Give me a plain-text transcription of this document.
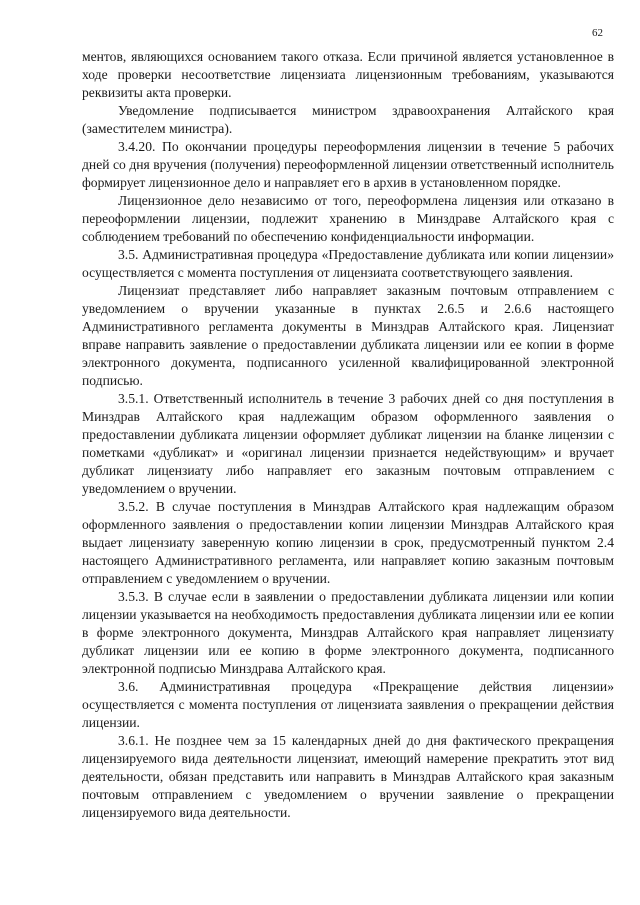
62

ментов, являющихся основанием такого отказа. Если причиной является установленное в ходе проверки несоответствие лицензиата лицензионным требованиям, указываются реквизиты акта проверки.

Уведомление подписывается министром здравоохранения Алтайского края (заместителем министра).

3.4.20. По окончании процедуры переоформления лицензии в течение 5 рабочих дней со дня вручения (получения) переоформленной лицензии ответственный исполнитель формирует лицензионное дело и направляет его в архив в установленном порядке.

Лицензионное дело независимо от того, переоформлена лицензия или отказано в переоформлении лицензии, подлежит хранению в Минздраве Алтайского края с соблюдением требований по обеспечению конфиденциальности информации.

3.5. Административная процедура «Предоставление дубликата или копии лицензии» осуществляется с момента поступления от лицензиата соответствующего заявления.

Лицензиат представляет либо направляет заказным почтовым отправлением с уведомлением о вручении указанные в пунктах 2.6.5 и 2.6.6 настоящего Административного регламента документы в Минздрав Алтайского края. Лицензиат вправе направить заявление о предоставлении дубликата лицензии или ее копии в форме электронного документа, подписанного усиленной квалифицированной электронной подписью.

3.5.1. Ответственный исполнитель в течение 3 рабочих дней со дня поступления в Минздрав Алтайского края надлежащим образом оформленного заявления о предоставлении дубликата лицензии оформляет дубликат лицензии на бланке лицензии с пометками «дубликат» и «оригинал лицензии признается недействующим» и вручает дубликат лицензиату либо направляет его заказным почтовым отправлением с уведомлением о вручении.

3.5.2. В случае поступления в Минздрав Алтайского края надлежащим образом оформленного заявления о предоставлении копии лицензии Минздрав Алтайского края выдает лицензиату заверенную копию лицензии в срок, предусмотренный пунктом 2.4 настоящего Административного регламента, или направляет копию заказным почтовым отправлением с уведомлением о вручении.

3.5.3. В случае если в заявлении о предоставлении дубликата лицензии или копии лицензии указывается на необходимость предоставления дубликата лицензии или ее копии в форме электронного документа, Минздрав Алтайского края направляет лицензиату дубликат лицензии или ее копию в форме электронного документа, подписанного электронной подписью Минздрава Алтайского края.

3.6. Административная процедура «Прекращение действия лицензии» осуществляется с момента поступления от лицензиата заявления о прекращении действия лицензии.

3.6.1. Не позднее чем за 15 календарных дней до дня фактического прекращения лицензируемого вида деятельности лицензиат, имеющий намерение прекратить этот вид деятельности, обязан представить или направить в Минздрав Алтайского края заказным почтовым отправлением с уведомлением о вручении заявление о прекращении лицензируемого вида деятельности.
